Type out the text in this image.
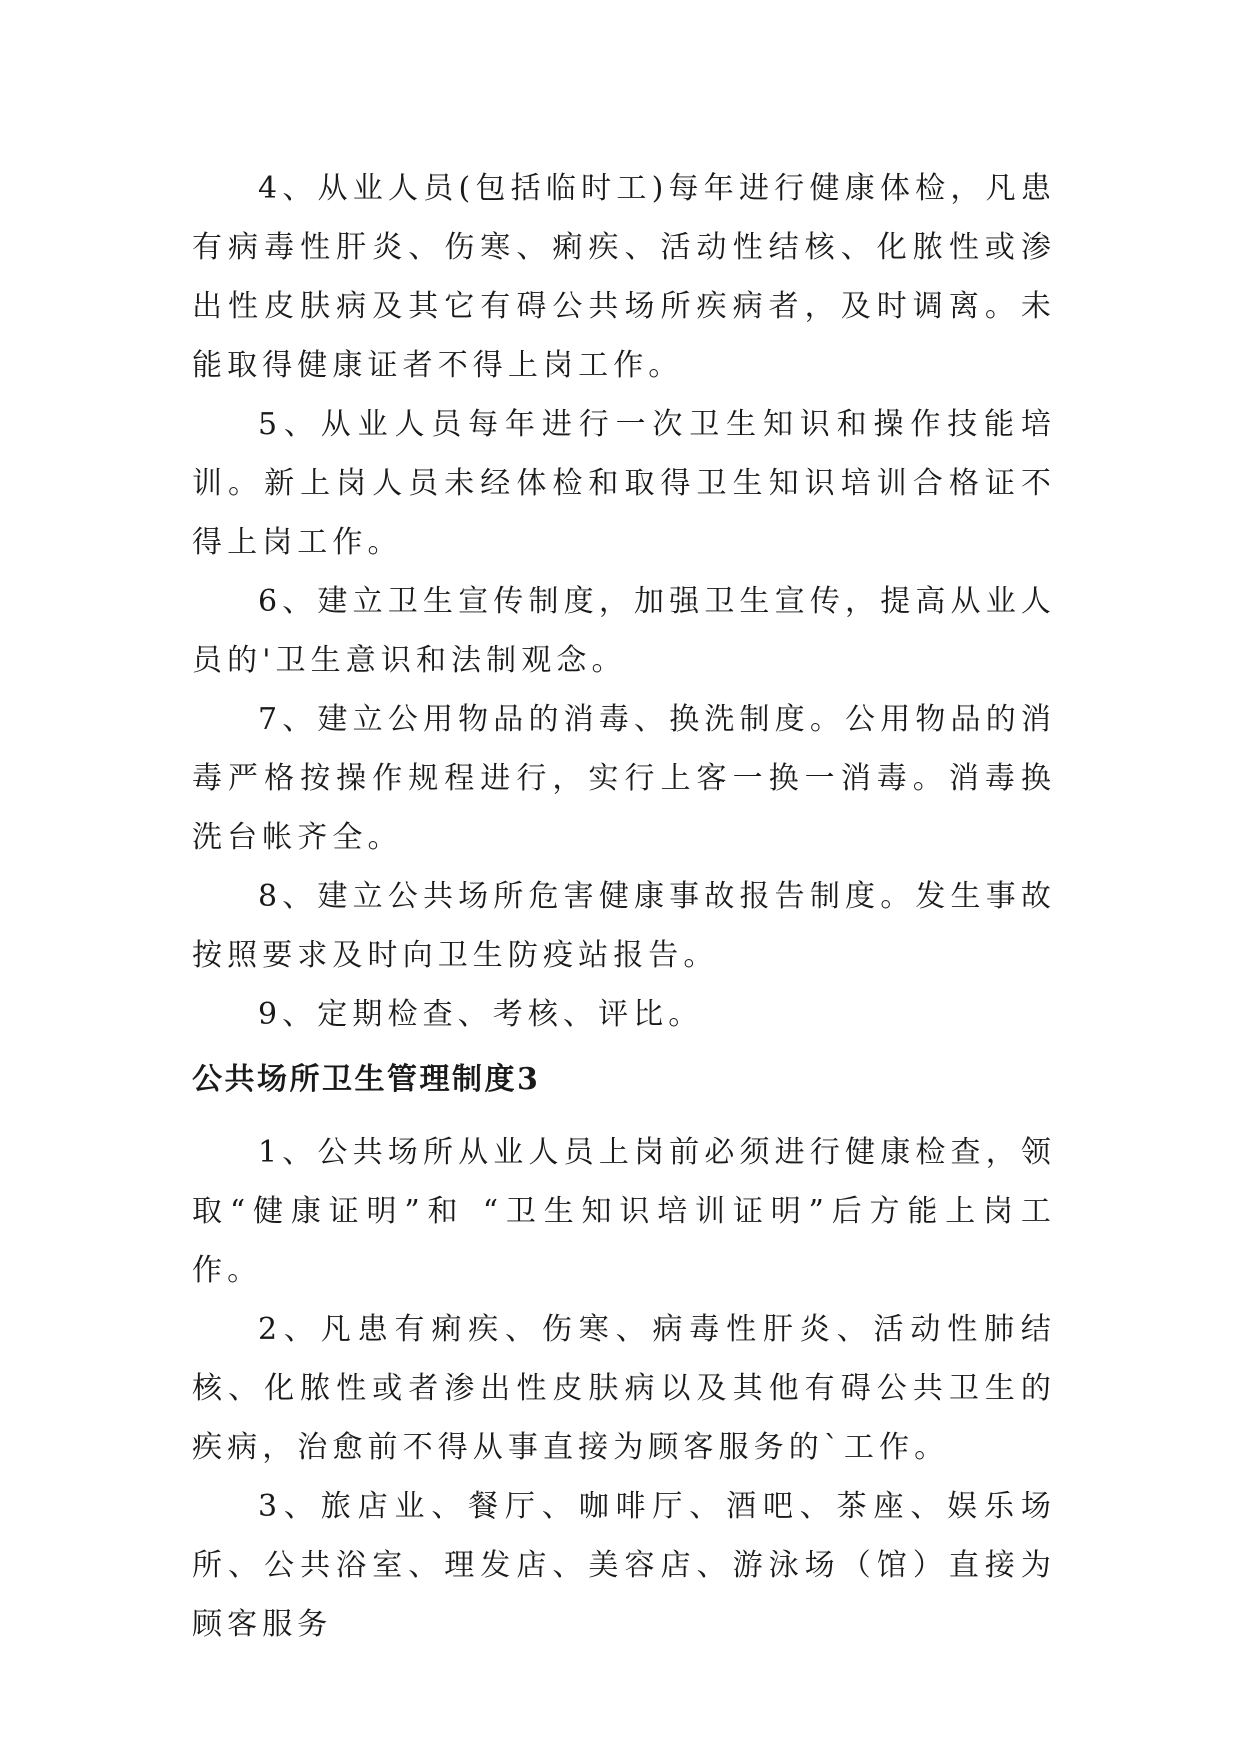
4、从业人员(包括临时工)每年进行健康体检，凡患有病毒性肝炎、伤寒、痢疾、活动性结核、化脓性或渗出性皮肤病及其它有碍公共场所疾病者，及时调离。未能取得健康证者不得上岗工作。

5、从业人员每年进行一次卫生知识和操作技能培训。新上岗人员未经体检和取得卫生知识培训合格证不得上岗工作。

6、建立卫生宣传制度，加强卫生宣传，提高从业人员的'卫生意识和法制观念。

7、建立公用物品的消毒、换洗制度。公用物品的消毒严格按操作规程进行，实行上客一换一消毒。消毒换洗台帐齐全。

8、建立公共场所危害健康事故报告制度。发生事故按照要求及时向卫生防疫站报告。

9、定期检查、考核、评比。

公共场所卫生管理制度3

1、公共场所从业人员上岗前必须进行健康检查，领取“健康证明”和 “卫生知识培训证明”后方能上岗工作。

2、凡患有痢疾、伤寒、病毒性肝炎、活动性肺结核、化脓性或者渗出性皮肤病以及其他有碍公共卫生的疾病，治愈前不得从事直接为顾客服务的`工作。

3、旅店业、餐厅、咖啡厅、酒吧、茶座、娱乐场所、公共浴室、理发店、美容店、游泳场（馆）直接为顾客服务
